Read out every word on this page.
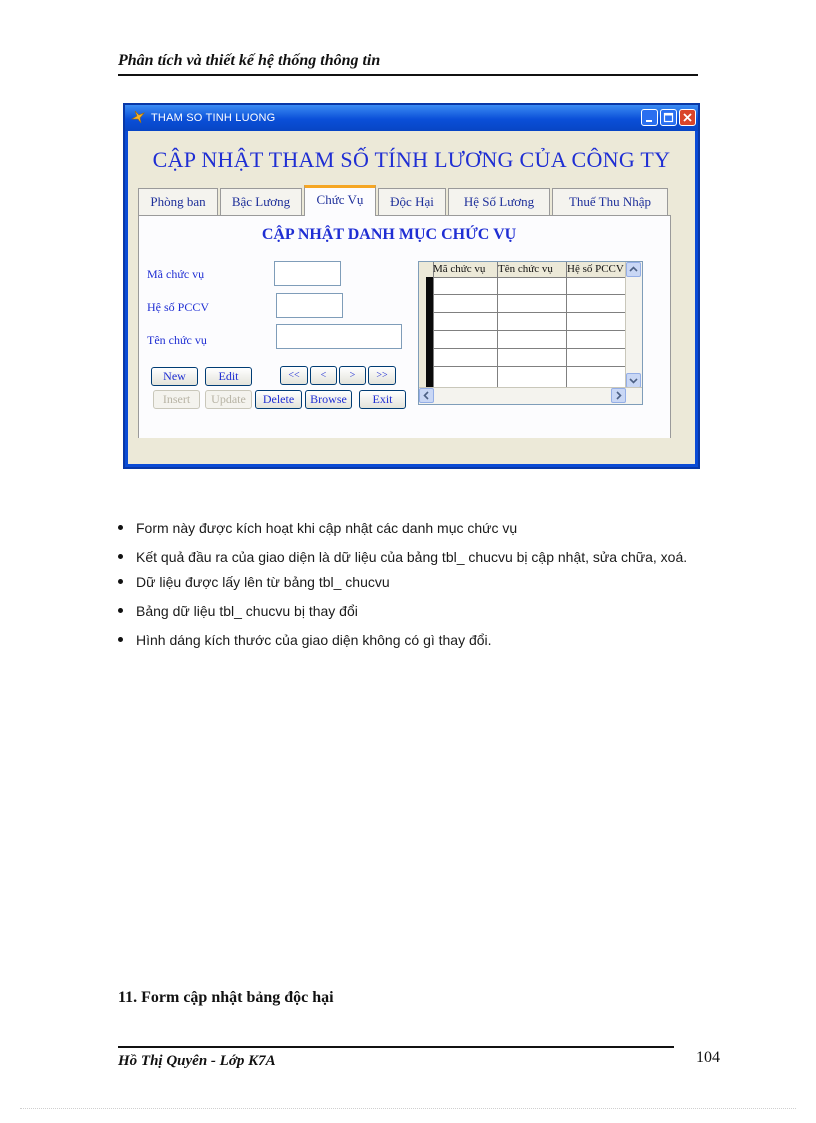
Phân tích và thiết kế hệ thống thông tin
THAM SO TINH LUONG
CẬP NHẬT THAM SỐ TÍNH LƯƠNG CỦA CÔNG TY
Phòng ban	Bậc Lương	Chức Vụ	Độc Hại	Hệ Số Lương	Thuế Thu Nhập
CẬP NHẬT DANH MỤC CHỨC VỤ
Mã chức vụ
Hệ số PCCV
Tên chức vụ
New	Edit	<<	<	>	>>
Insert	Update	Delete	Browse	Exit
Mã chức vụ	Tên chức vụ	Hệ số PCCV
Form này được kích hoạt khi cập nhật các danh mục chức vụ
Kết quả đầu ra của giao diện là dữ liệu của bảng tbl_ chucvu bị cập nhật, sửa chữa, xoá.
Dữ liệu được lấy lên từ bảng tbl_ chucvu
Bảng dữ liệu tbl_ chucvu bị thay đổi
Hình dáng kích thước của giao diện không có gì thay đổi.
11. Form cập nhật bảng độc hại
Hồ Thị Quyên - Lớp K7A	104
